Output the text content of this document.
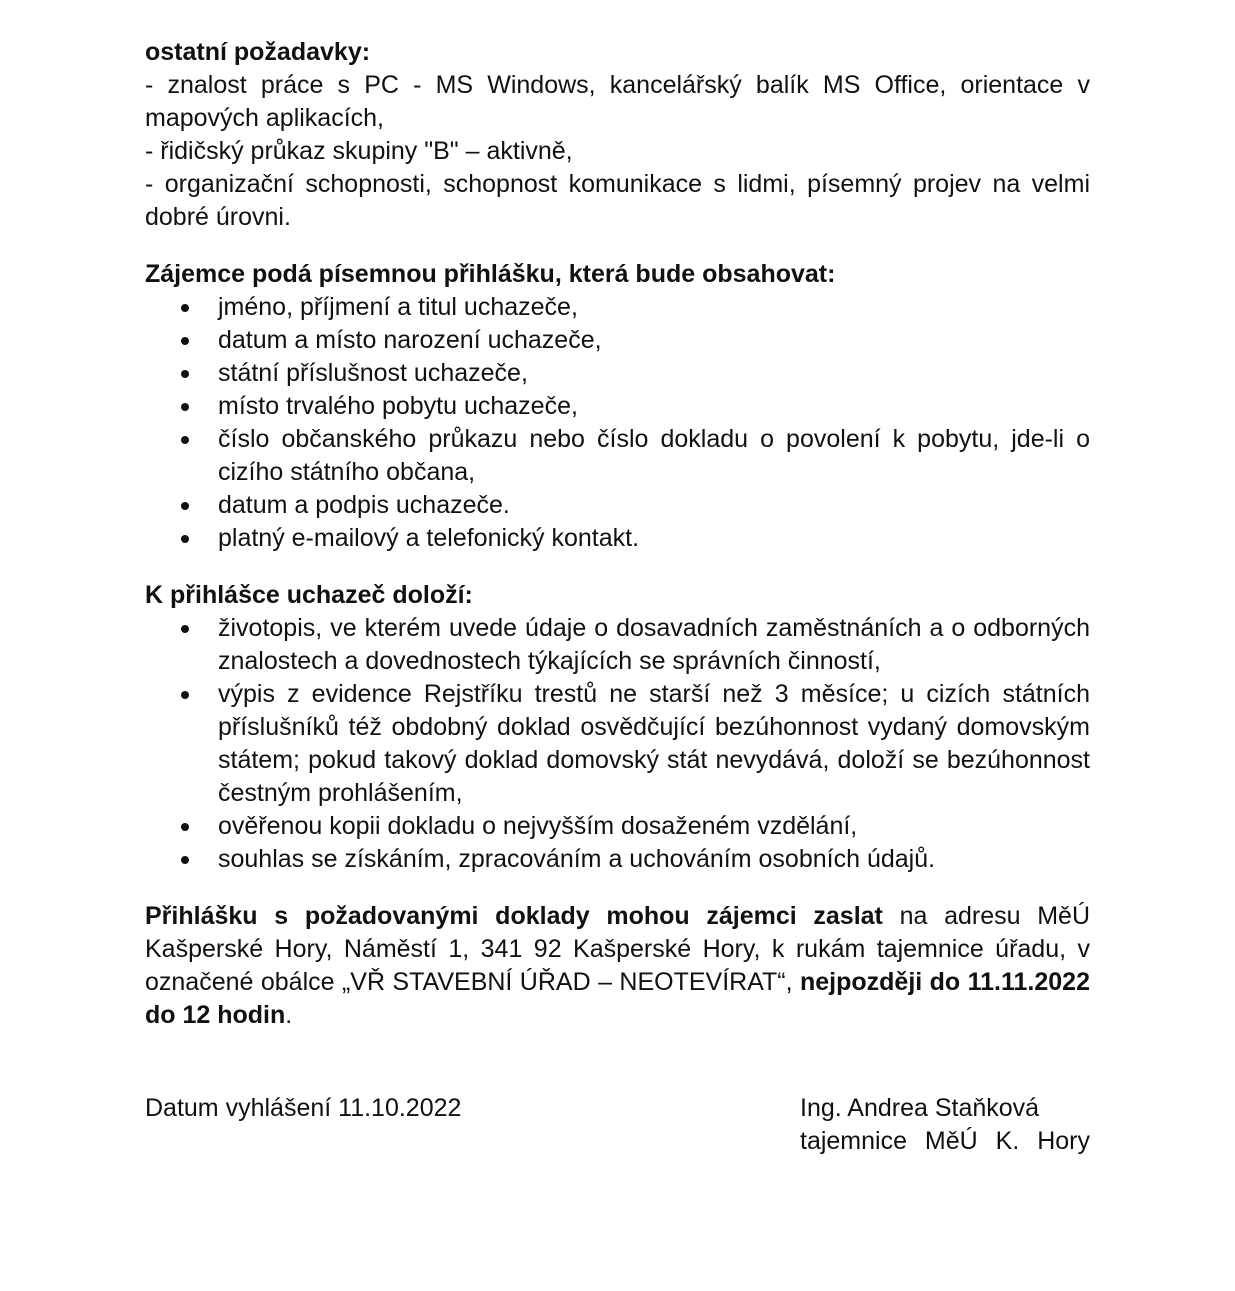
ostatní požadavky:

- znalost práce s PC - MS Windows, kancelářský balík MS Office, orientace v mapových aplikacích,

- řidičský průkaz skupiny "B" – aktivně,

- organizační schopnosti, schopnost komunikace s lidmi, písemný projev na velmi dobré úrovni.

Zájemce podá písemnou přihlášku, která bude obsahovat:

jméno, příjmení a titul uchazeče,
datum a místo narození uchazeče,
státní příslušnost uchazeče,
místo trvalého pobytu uchazeče,
číslo občanského průkazu nebo číslo dokladu o povolení k pobytu, jde-li o cizího státního občana,
datum a podpis uchazeče.
platný e-mailový a telefonický kontakt.

K přihlášce uchazeč doloží:

životopis, ve kterém uvede údaje o dosavadních zaměstnáních a o odborných znalostech a dovednostech týkajících se správních činností,
výpis z evidence Rejstříku trestů ne starší než 3 měsíce; u cizích státních příslušníků též obdobný doklad osvědčující bezúhonnost vydaný domovským státem; pokud takový doklad domovský stát nevydává, doloží se bezúhonnost čestným prohlášením,
ověřenou kopii dokladu o nejvyšším dosaženém vzdělání,
souhlas se získáním, zpracováním a uchováním osobních údajů.

Přihlášku s požadovanými doklady mohou zájemci zaslat na adresu MěÚ Kašperské Hory, Náměstí 1, 341 92 Kašperské Hory, k rukám tajemnice úřadu, v označené obálce „VŘ STAVEBNÍ ÚŘAD – NEOTEVÍRAT“, nejpozději do 11.11.2022 do 12 hodin.

Datum vyhlášení 11.10.2022	Ing. Andrea Staňková

tajemnice MěÚ K. Hory
